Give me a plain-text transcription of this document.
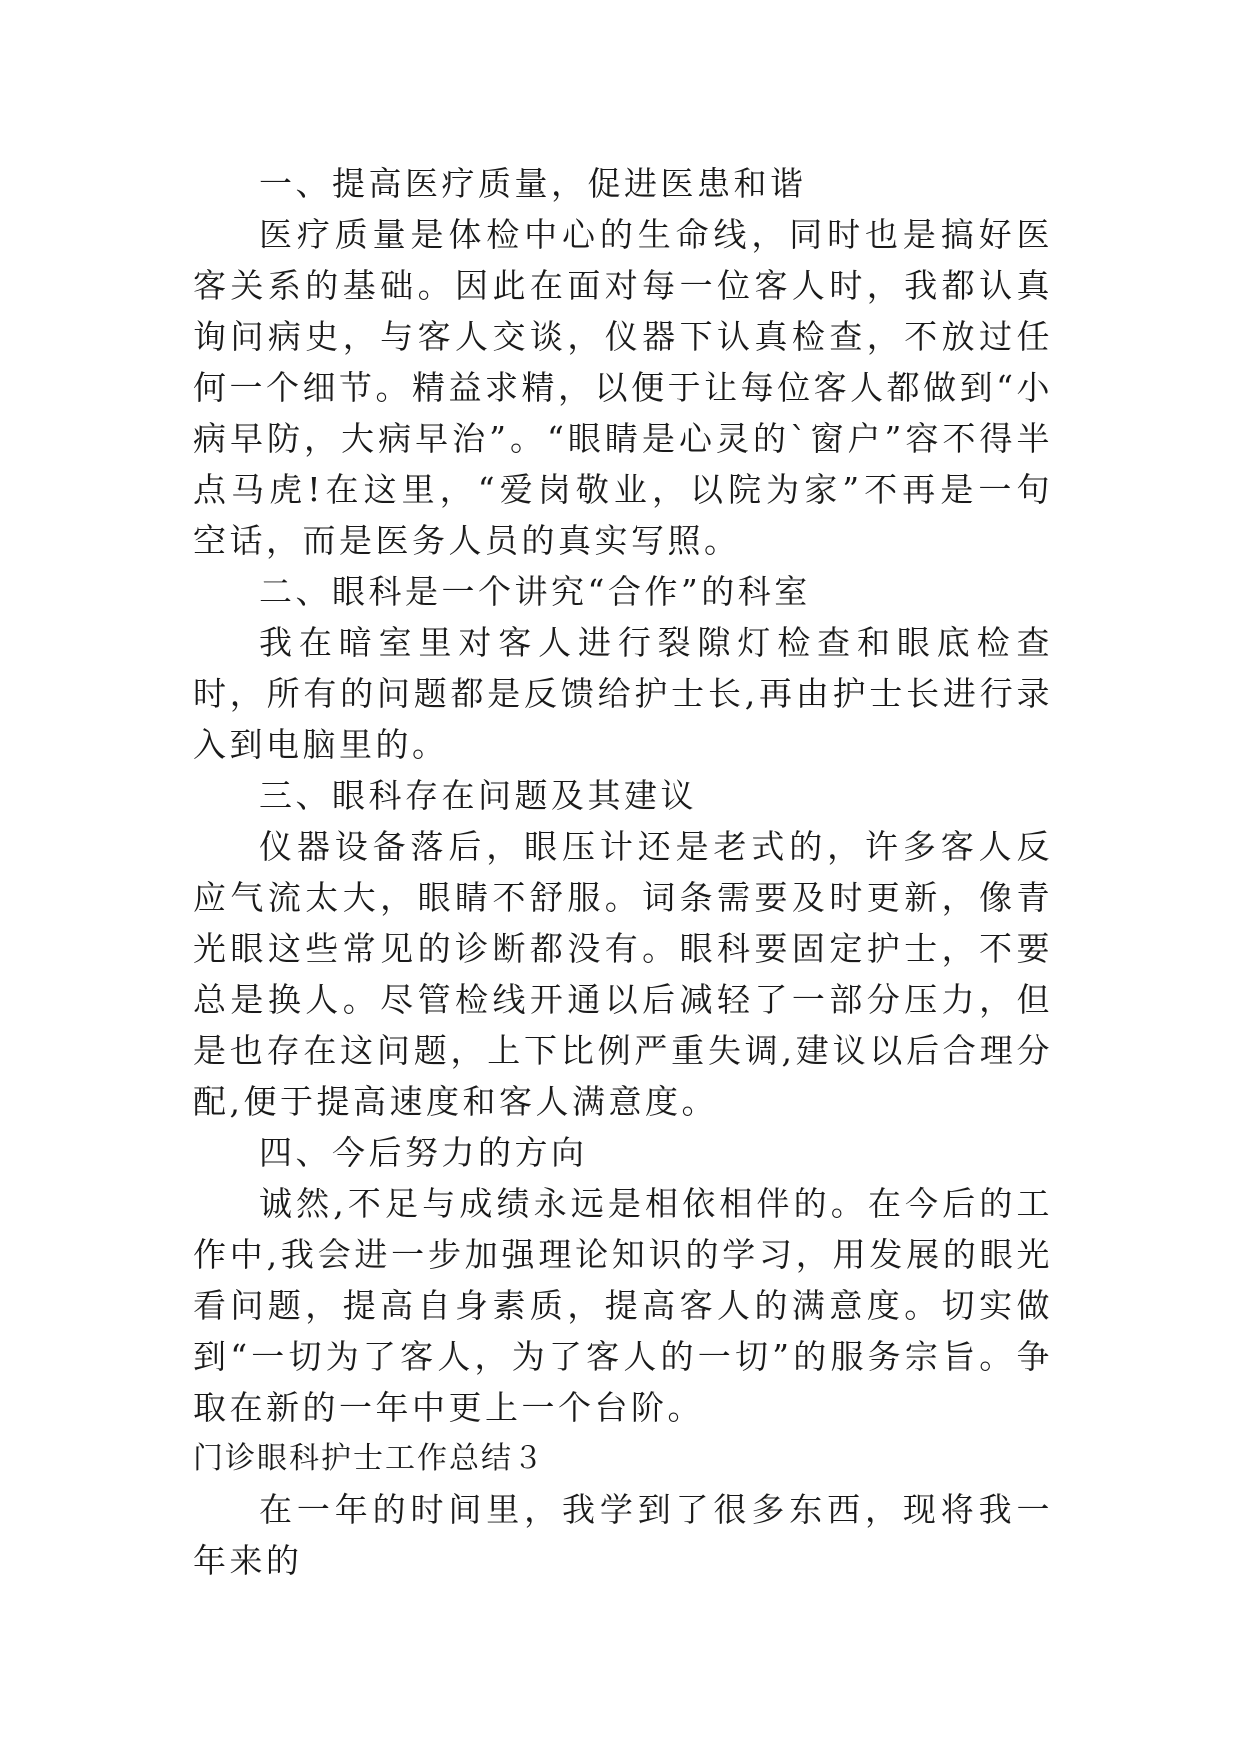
一、提高医疗质量，促进医患和谐

医疗质量是体检中心的生命线，同时也是搞好医客关系的基础。因此在面对每一位客人时，我都认真询问病史，与客人交谈，仪器下认真检查，不放过任何一个细节。精益求精，以便于让每位客人都做到“小病早防，大病早治”。“眼睛是心灵的`窗户”容不得半点马虎!在这里，“爱岗敬业，以院为家”不再是一句空话，而是医务人员的真实写照。

二、眼科是一个讲究“合作”的科室

我在暗室里对客人进行裂隙灯检查和眼底检查时，所有的问题都是反馈给护士长,再由护士长进行录入到电脑里的。

三、眼科存在问题及其建议

仪器设备落后，眼压计还是老式的，许多客人反应气流太大，眼睛不舒服。词条需要及时更新，像青光眼这些常见的诊断都没有。眼科要固定护士，不要总是换人。尽管检线开通以后减轻了一部分压力，但是也存在这问题，上下比例严重失调,建议以后合理分配,便于提高速度和客人满意度。

四、今后努力的方向

诚然,不足与成绩永远是相依相伴的。在今后的工作中,我会进一步加强理论知识的学习，用发展的眼光看问题，提高自身素质，提高客人的满意度。切实做到“一切为了客人，为了客人的一切”的服务宗旨。争取在新的一年中更上一个台阶。

门诊眼科护士工作总结３

在一年的时间里，我学到了很多东西，现将我一年来的
